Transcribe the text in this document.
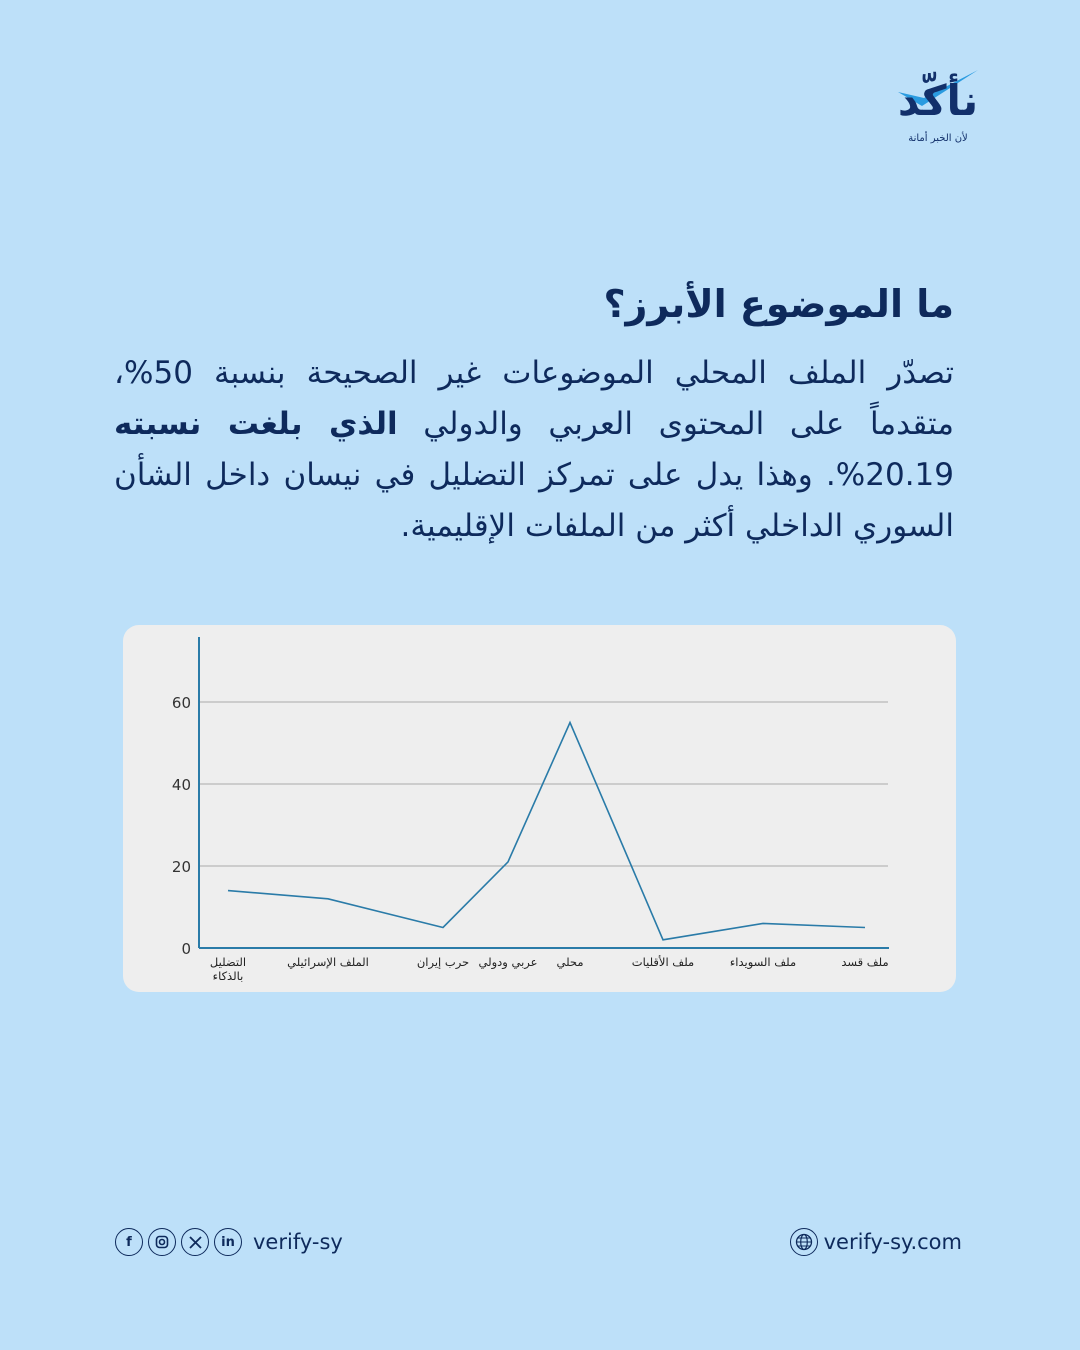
نأكّد
لأن الخبر أمانة
ما الموضوع الأبرز؟

تصدّر الملف المحلي الموضوعات غير الصحيحة بنسبة 50%، متقدماً على المحتوى العربي والدولي الذي بلغت نسبته 20.19%. وهذا يدل على تمركز التضليل في نيسان داخل الشأن السوري الداخلي أكثر من الملفات الإقليمية.

0
20
40
60
التضليل بالذكاء
الملف الإسرائيلي	حرب إيران عربي ودولي محلي	ملف الأقليات	ملف السويداء	ملف قسد
f	in verify-sy	verify-sy.com
